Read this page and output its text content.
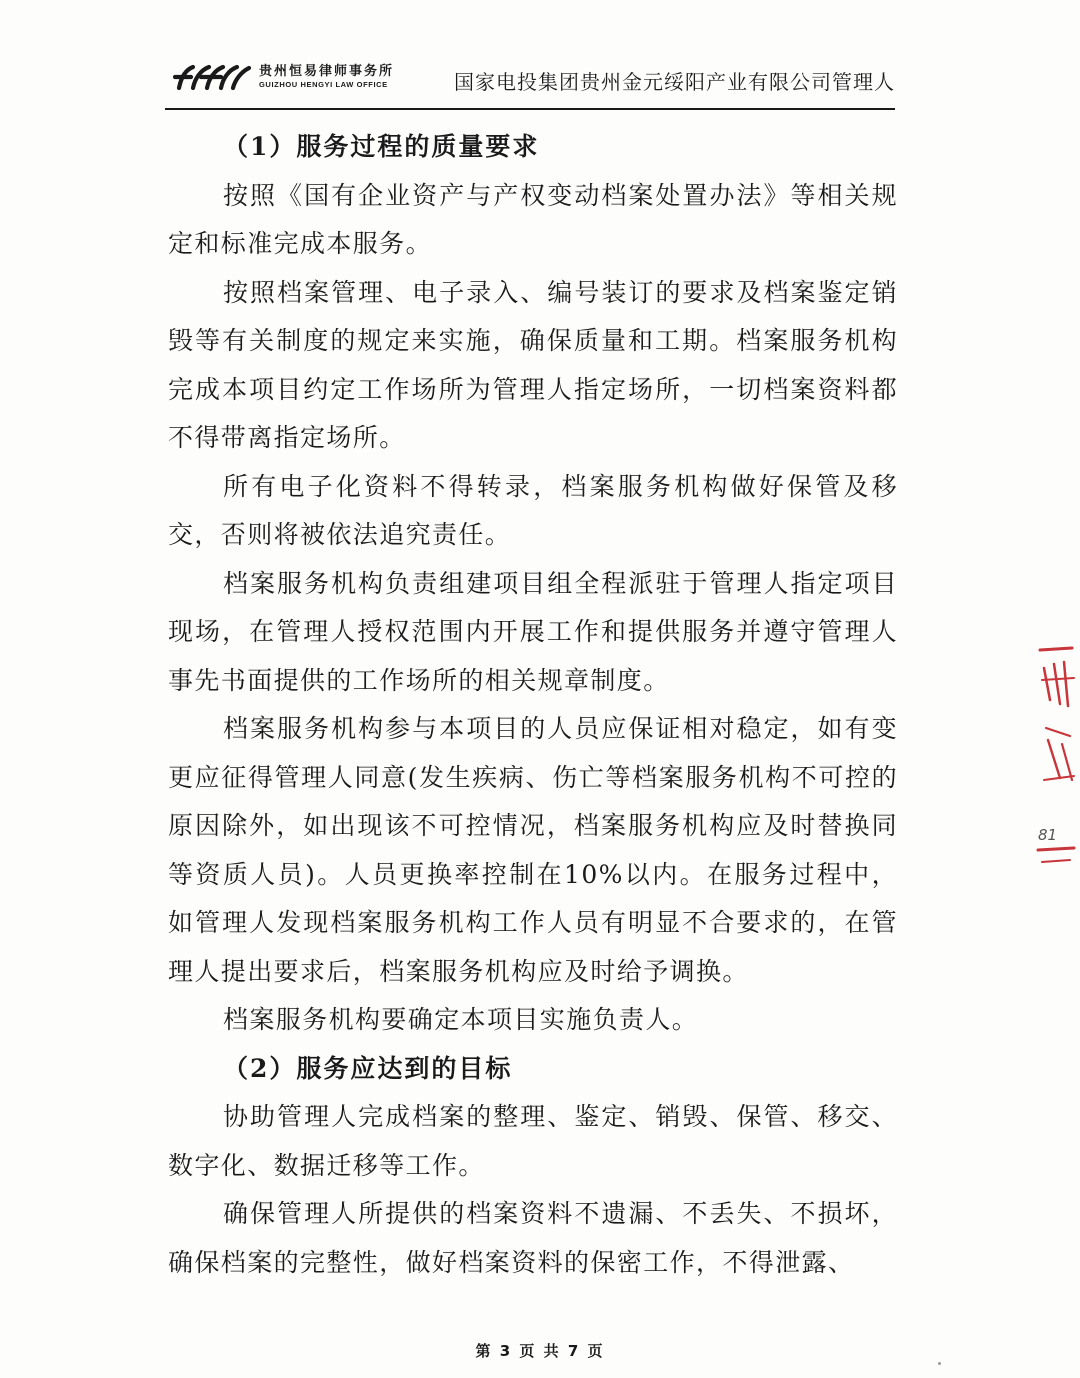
贵州恒易律师事务所
GUIZHOU HENGYI LAW OFFICE	国家电投集团贵州金元绥阳产业有限公司管理人

（1）服务过程的质量要求

按照《国有企业资产与产权变动档案处置办法》等相关规定和标准完成本服务。

按照档案管理、电子录入、编号装订的要求及档案鉴定销毁等有关制度的规定来实施，确保质量和工期。档案服务机构完成本项目约定工作场所为管理人指定场所，一切档案资料都不得带离指定场所。

所有电子化资料不得转录，档案服务机构做好保管及移交，否则将被依法追究责任。

档案服务机构负责组建项目组全程派驻于管理人指定项目现场，在管理人授权范围内开展工作和提供服务并遵守管理人事先书面提供的工作场所的相关规章制度。

档案服务机构参与本项目的人员应保证相对稳定，如有变更应征得管理人同意(发生疾病、伤亡等档案服务机构不可控的原因除外，如出现该不可控情况，档案服务机构应及时替换同等资质人员)。人员更换率控制在10%以内。在服务过程中，如管理人发现档案服务机构工作人员有明显不合要求的，在管理人提出要求后，档案服务机构应及时给予调换。

档案服务机构要确定本项目实施负责人。

（2）服务应达到的目标

协助管理人完成档案的整理、鉴定、销毁、保管、移交、数字化、数据迁移等工作。

确保管理人所提供的档案资料不遗漏、不丢失、不损坏，确保档案的完整性，做好档案资料的保密工作，不得泄露、

第 3 页 共 7 页
81
